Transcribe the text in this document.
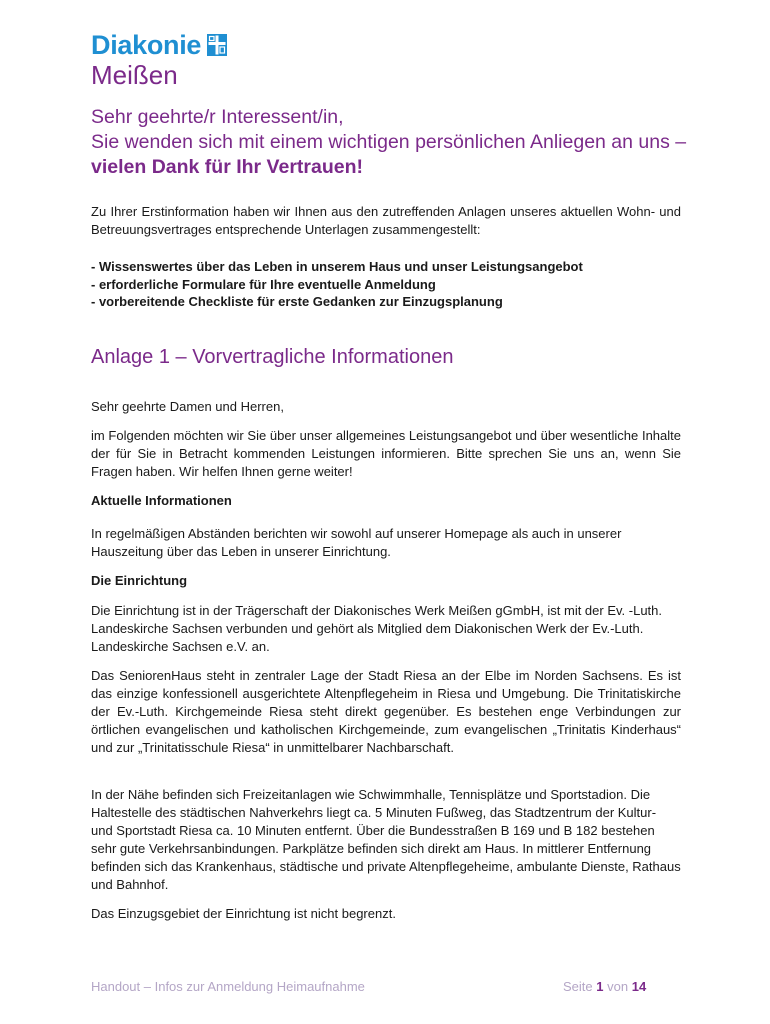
Diakonie
Meißen
Sehr geehrte/r Interessent/in,
Sie wenden sich mit einem wichtigen persönlichen Anliegen an uns – vielen Dank für Ihr Vertrauen!
Zu Ihrer Erstinformation haben wir Ihnen aus den zutreffenden Anlagen unseres aktuellen Wohn- und Betreuungsvertrages entsprechende Unterlagen zusammengestellt:
- Wissenswertes über das Leben in unserem Haus und unser Leistungsangebot
- erforderliche Formulare für Ihre eventuelle Anmeldung
- vorbereitende Checkliste für erste Gedanken zur Einzugsplanung
Anlage 1 – Vorvertragliche Informationen
Sehr geehrte Damen und Herren,
im Folgenden möchten wir Sie über unser allgemeines Leistungsangebot und über wesentliche Inhalte der für Sie in Betracht kommenden Leistungen informieren. Bitte sprechen Sie uns an, wenn Sie Fragen haben. Wir helfen Ihnen gerne weiter!
Aktuelle Informationen
In regelmäßigen Abständen berichten wir sowohl auf unserer Homepage als auch in unserer Hauszeitung über das Leben in unserer Einrichtung.
Die Einrichtung
Die Einrichtung ist in der Trägerschaft der Diakonisches Werk Meißen gGmbH, ist mit der Ev. -Luth. Landeskirche Sachsen verbunden und gehört als Mitglied dem Diakonischen Werk der Ev.-Luth. Landeskirche Sachsen e.V. an.
Das SeniorenHaus steht in zentraler Lage der Stadt Riesa an der Elbe im Norden Sachsens. Es ist das einzige konfessionell ausgerichtete Altenpflegeheim in Riesa und Umgebung. Die Trinitatiskirche der Ev.-Luth. Kirchgemeinde Riesa steht direkt gegenüber. Es bestehen enge Verbindungen zur örtlichen evangelischen und katholischen Kirchgemeinde, zum evangelischen „Trinitatis Kinderhaus“ und zur „Trinitatisschule Riesa“ in unmittelbarer Nachbarschaft.
In der Nähe befinden sich Freizeitanlagen wie Schwimmhalle, Tennisplätze und Sportstadion. Die Haltestelle des städtischen Nahverkehrs liegt ca. 5 Minuten Fußweg, das Stadtzentrum der Kultur- und Sportstadt Riesa ca. 10 Minuten entfernt. Über die Bundesstraßen B 169 und B 182 bestehen sehr gute Verkehrsanbindungen. Parkplätze befinden sich direkt am Haus. In mittlerer Entfernung befinden sich das Krankenhaus, städtische und private Altenpflegeheime, ambulante Dienste, Rathaus und Bahnhof.
Das Einzugsgebiet der Einrichtung ist nicht begrenzt.
Handout – Infos zur Anmeldung Heimaufnahme	Seite 1 von 14
